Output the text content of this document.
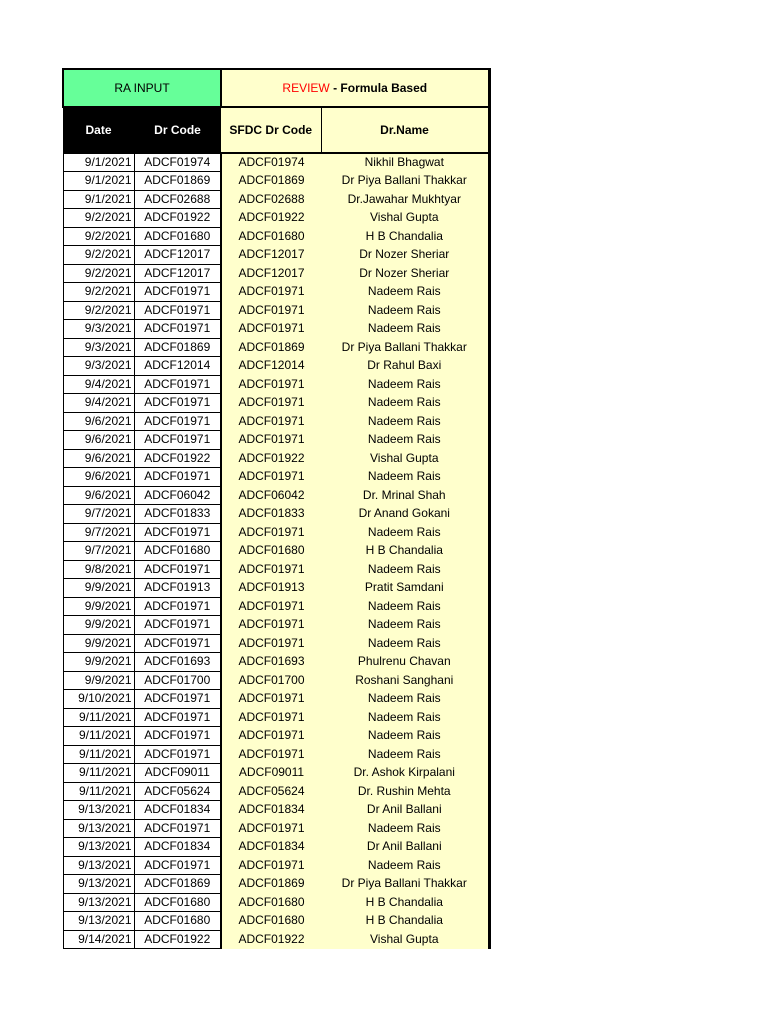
RA INPUT		REVIEW - Formula Based	
Date	Dr Code	SFDC Dr Code	Dr.Name
9/1/2021	ADCF01974	ADCF01974	Nikhil Bhagwat
9/1/2021	ADCF01869	ADCF01869	Dr Piya Ballani Thakkar
9/1/2021	ADCF02688	ADCF02688	Dr.Jawahar Mukhtyar
9/2/2021	ADCF01922	ADCF01922	Vishal Gupta
9/2/2021	ADCF01680	ADCF01680	H B Chandalia
9/2/2021	ADCF12017	ADCF12017	Dr Nozer Sheriar
9/2/2021	ADCF12017	ADCF12017	Dr Nozer Sheriar
9/2/2021	ADCF01971	ADCF01971	Nadeem Rais
9/2/2021	ADCF01971	ADCF01971	Nadeem Rais
9/3/2021	ADCF01971	ADCF01971	Nadeem Rais
9/3/2021	ADCF01869	ADCF01869	Dr Piya Ballani Thakkar
9/3/2021	ADCF12014	ADCF12014	Dr Rahul Baxi
9/4/2021	ADCF01971	ADCF01971	Nadeem Rais
9/4/2021	ADCF01971	ADCF01971	Nadeem Rais
9/6/2021	ADCF01971	ADCF01971	Nadeem Rais
9/6/2021	ADCF01971	ADCF01971	Nadeem Rais
9/6/2021	ADCF01922	ADCF01922	Vishal Gupta
9/6/2021	ADCF01971	ADCF01971	Nadeem Rais
9/6/2021	ADCF06042	ADCF06042	Dr. Mrinal Shah
9/7/2021	ADCF01833	ADCF01833	Dr Anand Gokani
9/7/2021	ADCF01971	ADCF01971	Nadeem Rais
9/7/2021	ADCF01680	ADCF01680	H B Chandalia
9/8/2021	ADCF01971	ADCF01971	Nadeem Rais
9/9/2021	ADCF01913	ADCF01913	Pratit Samdani
9/9/2021	ADCF01971	ADCF01971	Nadeem Rais
9/9/2021	ADCF01971	ADCF01971	Nadeem Rais
9/9/2021	ADCF01971	ADCF01971	Nadeem Rais
9/9/2021	ADCF01693	ADCF01693	Phulrenu Chavan
9/9/2021	ADCF01700	ADCF01700	Roshani Sanghani
9/10/2021	ADCF01971	ADCF01971	Nadeem Rais
9/11/2021	ADCF01971	ADCF01971	Nadeem Rais
9/11/2021	ADCF01971	ADCF01971	Nadeem Rais
9/11/2021	ADCF01971	ADCF01971	Nadeem Rais
9/11/2021	ADCF09011	ADCF09011	Dr. Ashok Kirpalani
9/11/2021	ADCF05624	ADCF05624	Dr. Rushin Mehta
9/13/2021	ADCF01834	ADCF01834	Dr Anil Ballani
9/13/2021	ADCF01971	ADCF01971	Nadeem Rais
9/13/2021	ADCF01834	ADCF01834	Dr Anil Ballani
9/13/2021	ADCF01971	ADCF01971	Nadeem Rais
9/13/2021	ADCF01869	ADCF01869	Dr Piya Ballani Thakkar
9/13/2021	ADCF01680	ADCF01680	H B Chandalia
9/13/2021	ADCF01680	ADCF01680	H B Chandalia
9/14/2021	ADCF01922	ADCF01922	Vishal Gupta
